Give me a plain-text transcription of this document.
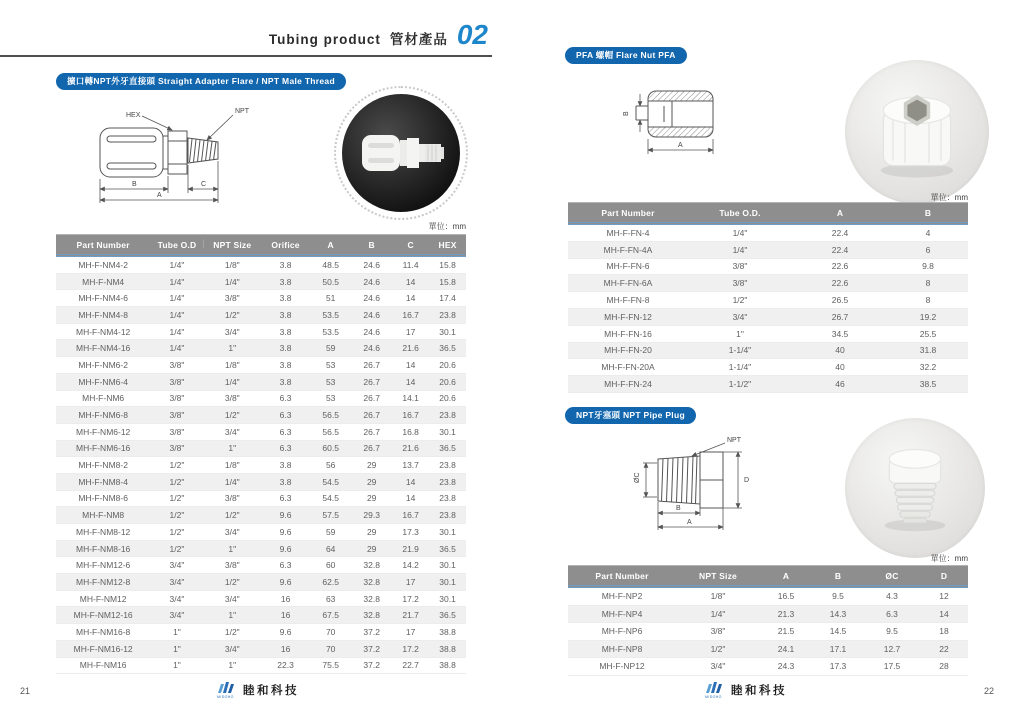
Tubing product 管材產品 02
擴口轉NPT外牙直接頭 Straight Adapter Flare / NPT Male Thread
HEX
NPT
B	C
A
單位：mm
Part Number |	Tube O.D |	NPT Size |	Orifice |	A |	B |	C |	HEX
MH-F-NM4-2	1/4"	1/8"	3.8	48.5	24.6	11.4	15.8
MH-F-NM4	1/4"	1/4"	3.8	50.5	24.6	14	15.8
MH-F-NM4-6	1/4"	3/8"	3.8	51	24.6	14	17.4
MH-F-NM4-8	1/4"	1/2"	3.8	53.5	24.6	16.7	23.8
MH-F-NM4-12	1/4"	3/4"	3.8	53.5	24.6	17	30.1
MH-F-NM4-16	1/4"	1"	3.8	59	24.6	21.6	36.5
MH-F-NM6-2	3/8"	1/8"	3.8	53	26.7	14	20.6
MH-F-NM6-4	3/8"	1/4"	3.8	53	26.7	14	20.6
MH-F-NM6	3/8"	3/8"	6.3	53	26.7	14.1	20.6
MH-F-NM6-8	3/8"	1/2"	6.3	56.5	26.7	16.7	23.8
MH-F-NM6-12	3/8"	3/4"	6.3	56.5	26.7	16.8	30.1
MH-F-NM6-16	3/8"	1"	6.3	60.5	26.7	21.6	36.5
MH-F-NM8-2	1/2"	1/8"	3.8	56	29	13.7	23.8
MH-F-NM8-4	1/2"	1/4"	3.8	54.5	29	14	23.8
MH-F-NM8-6	1/2"	3/8"	6.3	54.5	29	14	23.8
MH-F-NM8	1/2"	1/2"	9.6	57.5	29.3	16.7	23.8
MH-F-NM8-12	1/2"	3/4"	9.6	59	29	17.3	30.1
MH-F-NM8-16	1/2"	1"	9.6	64	29	21.9	36.5
MH-F-NM12-6	3/4"	3/8"	6.3	60	32.8	14.2	30.1
MH-F-NM12-8	3/4"	1/2"	9.6	62.5	32.8	17	30.1
MH-F-NM12	3/4"	3/4"	16	63	32.8	17.2	30.1
MH-F-NM12-16	3/4"	1"	16	67.5	32.8	21.7	36.5
MH-F-NM16-8	1"	1/2"	9.6	70	37.2	17	38.8
MH-F-NM16-12	1"	3/4"	16	70	37.2	17.2	38.8
MH-F-NM16	1"	1"	22.3	75.5	37.2	22.7	38.8
PFA 螺帽 Flare Nut PFA
B
A
單位：mm
Part Number |	Tube O.D. |	A |	B
MH-F-FN-4	1/4"	22.4	4
MH-F-FN-4A	1/4"	22.4	6
MH-F-FN-6	3/8"	22.6	9.8
MH-F-FN-6A	3/8"	22.6	8
MH-F-FN-8	1/2"	26.5	8
MH-F-FN-12	3/4"	26.7	19.2
MH-F-FN-16	1"	34.5	25.5
MH-F-FN-20	1-1/4"	40	31.8
MH-F-FN-20A	1-1/4"	40	32.2
MH-F-FN-24	1-1/2"	46	38.5
NPT牙塞頭 NPT Pipe Plug
NPT
ØC	D
B
A
單位：mm
Part Number |	NPT Size |	A |	B |	ØC |	D
MH-F-NP2	1/8"	16.5	9.5	4.3	12
MH-F-NP4	1/4"	21.3	14.3	6.3	14
MH-F-NP6	3/8"	21.5	14.5	9.5	18
MH-F-NP8	1/2"	24.1	17.1	12.7	22
MH-F-NP12	3/4"	24.3	17.3	17.5	28
21
MIDOHO 睦和科技	MIDOHO 睦和科技	22
